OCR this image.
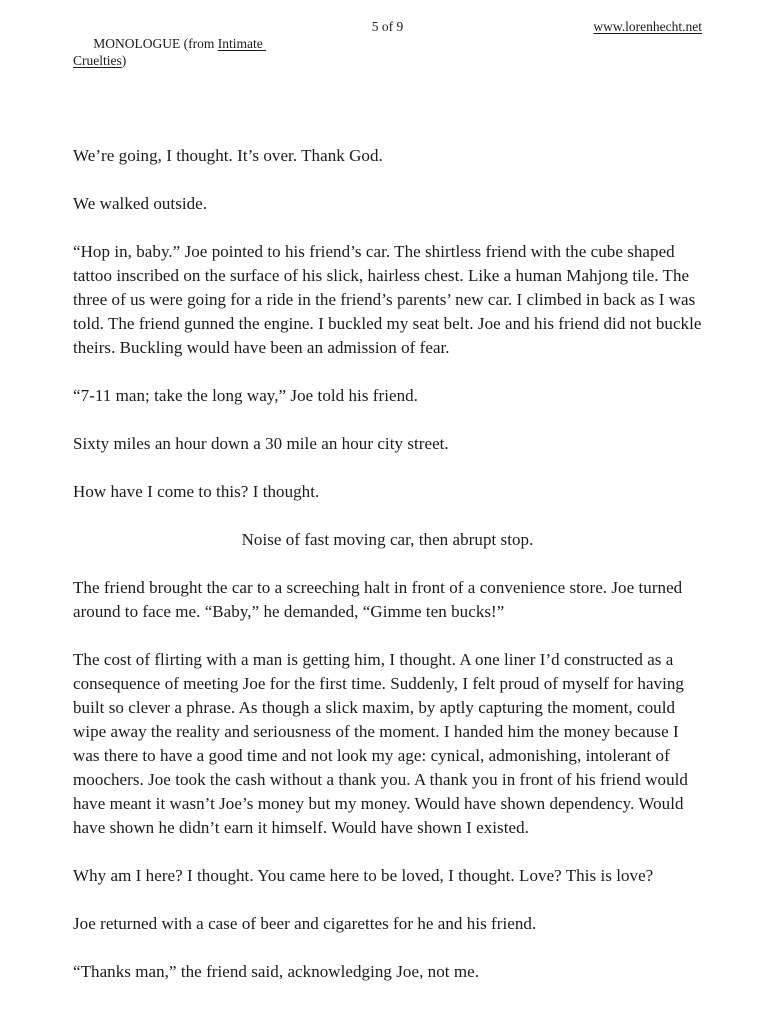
MONOLOGUE (from Intimate Cruelties)

5 of 9	www.lorenhecht.net

We’re going, I thought. It’s over. Thank God.

We walked outside.

“Hop in, baby.” Joe pointed to his friend’s car. The shirtless friend with the cube shaped tattoo inscribed on the surface of his slick, hairless chest. Like a human Mahjong tile. The three of us were going for a ride in the friend’s parents’ new car. I climbed in back as I was told. The friend gunned the engine. I buckled my seat belt. Joe and his friend did not buckle theirs. Buckling would have been an admission of fear.

“7-11 man; take the long way,” Joe told his friend.

Sixty miles an hour down a 30 mile an hour city street.

How have I come to this? I thought.

Noise of fast moving car, then abrupt stop.

The friend brought the car to a screeching halt in front of a convenience store. Joe turned around to face me. “Baby,” he demanded, “Gimme ten bucks!”

The cost of flirting with a man is getting him, I thought. A one liner I’d constructed as a consequence of meeting Joe for the first time. Suddenly, I felt proud of myself for having built so clever a phrase. As though a slick maxim, by aptly capturing the moment, could wipe away the reality and seriousness of the moment. I handed him the money because I was there to have a good time and not look my age: cynical, admonishing, intolerant of moochers. Joe took the cash without a thank you. A thank you in front of his friend would have meant it wasn’t Joe’s money but my money. Would have shown dependency. Would have shown he didn’t earn it himself. Would have shown I existed.

Why am I here? I thought. You came here to be loved, I thought. Love? This is love?

Joe returned with a case of beer and cigarettes for he and his friend.

“Thanks man,” the friend said, acknowledging Joe, not me.
